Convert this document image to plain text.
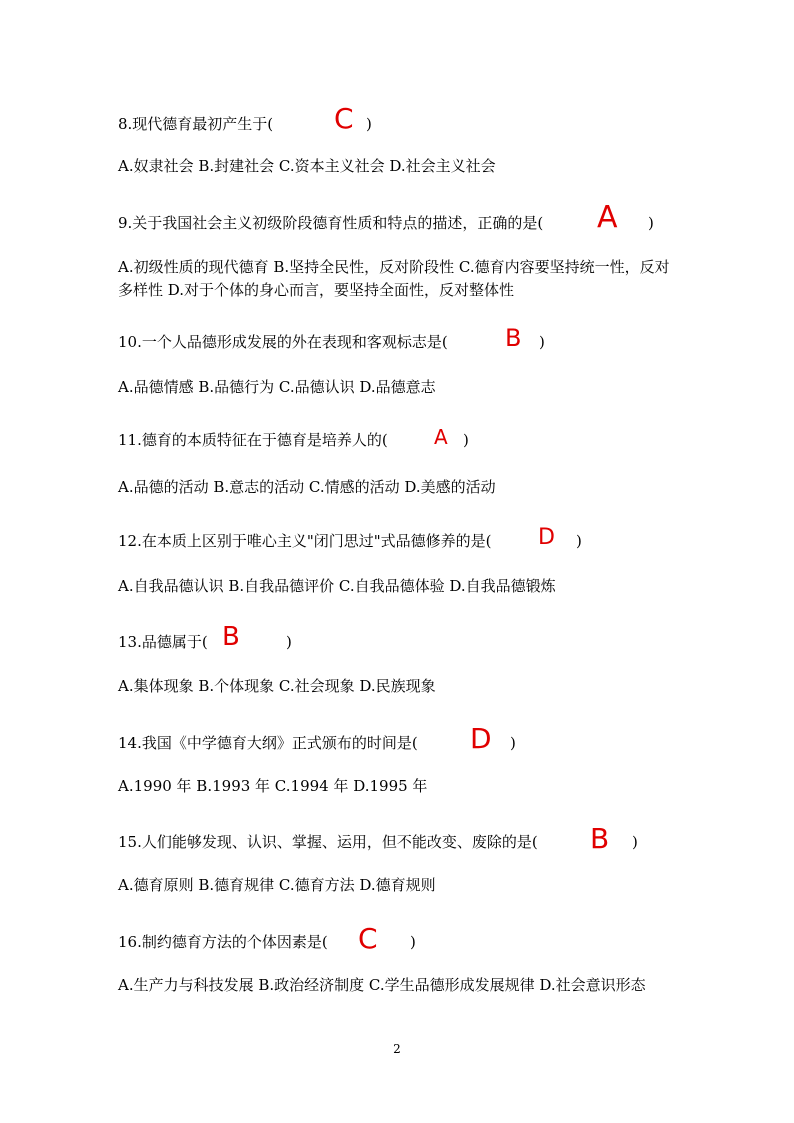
8.现代德育最初产生于( C )
A.奴隶社会 B.封建社会 C.资本主义社会 D.社会主义社会
9.关于我国社会主义初级阶段德育性质和特点的描述，正确的是( A )
A.初级性质的现代德育 B.坚持全民性，反对阶段性 C.德育内容要坚持统一性，反对多样性 D.对于个体的身心而言，要坚持全面性，反对整体性
10.一个人品德形成发展的外在表现和客观标志是( B )
A.品德情感 B.品德行为 C.品德认识 D.品德意志
11.德育的本质特征在于德育是培养人的( A )
A.品德的活动 B.意志的活动 C.情感的活动 D.美感的活动
12.在本质上区别于唯心主义"闭门思过"式品德修养的是( D )
A.自我品德认识 B.自我品德评价 C.自我品德体验 D.自我品德锻炼
13.品德属于( B	)
A.集体现象 B.个体现象 C.社会现象 D.民族现象
14.我国《中学德育大纲》正式颁布的时间是( D )
A.1990 年 B.1993 年 C.1994 年 D.1995 年
15.人们能够发现、认识、掌握、运用，但不能改变、废除的是( B )
A.德育原则 B.德育规律 C.德育方法 D.德育规则
16.制约德育方法的个体因素是( C )
A.生产力与科技发展 B.政治经济制度 C.学生品德形成发展规律 D.社会意识形态
2
